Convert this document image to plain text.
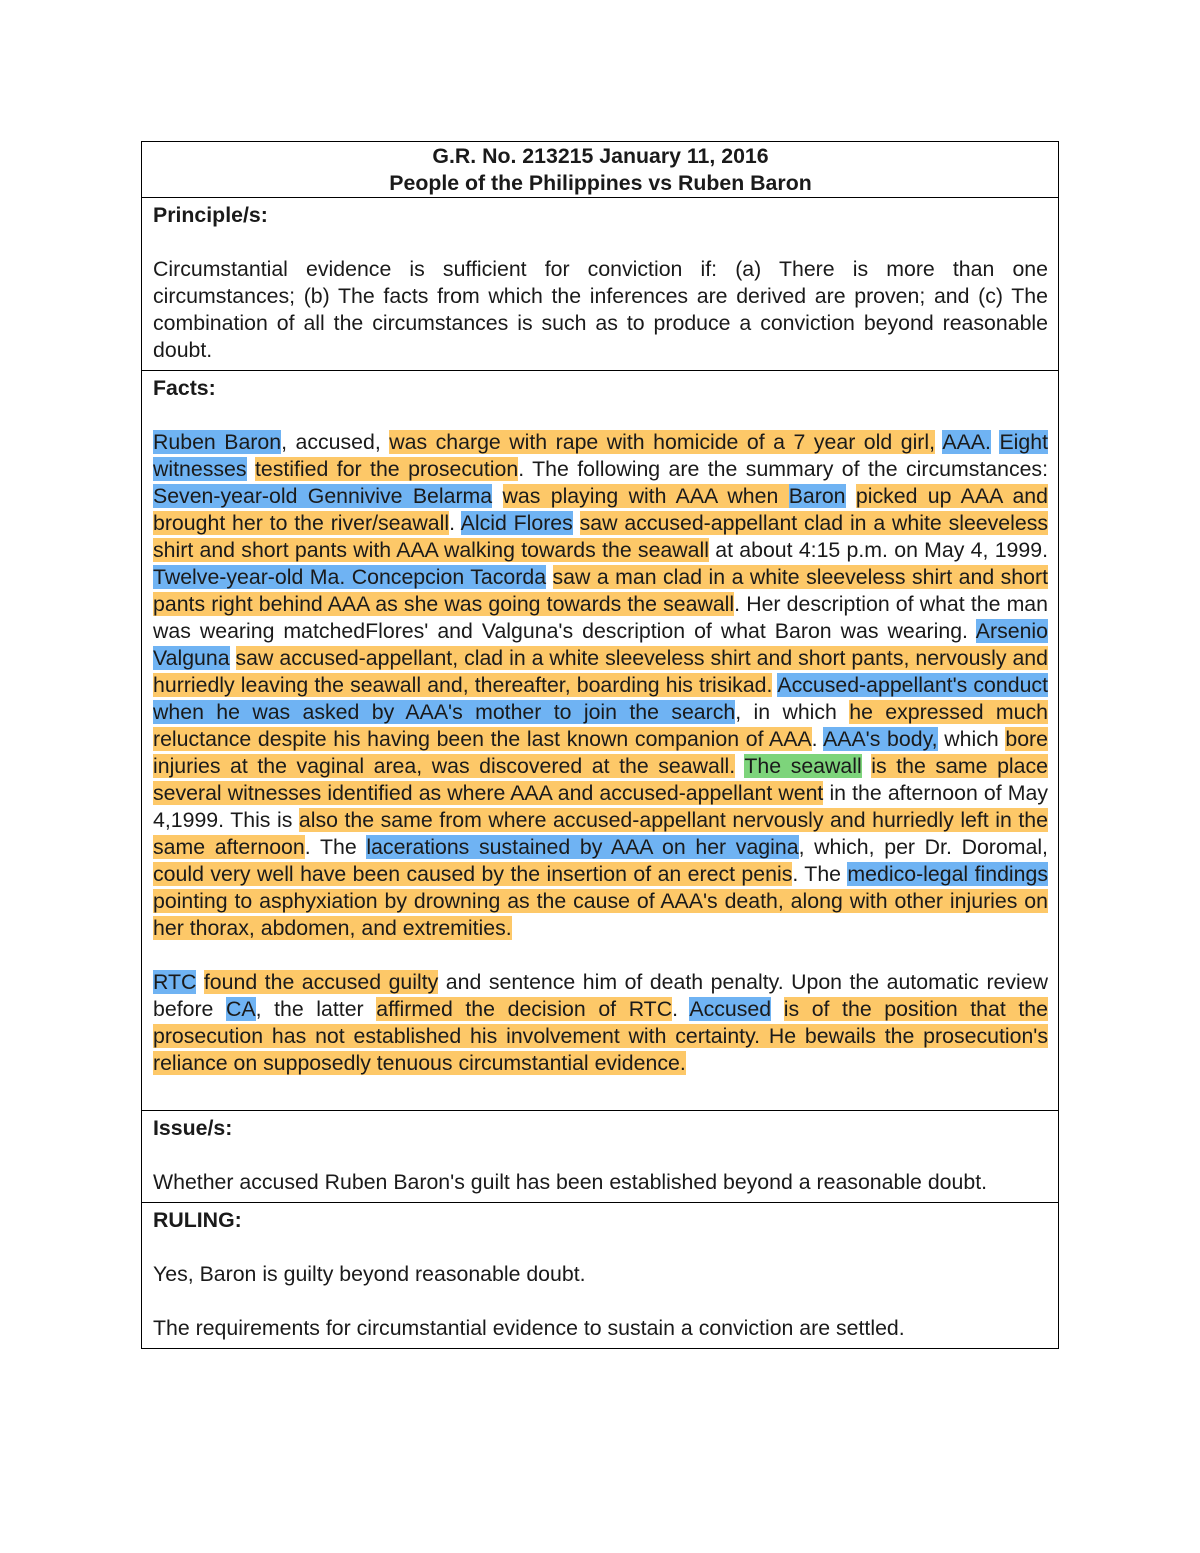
G.R. No. 213215 January 11, 2016
People of the Philippines vs Ruben Baron

Principle/s:

Circumstantial evidence is sufficient for conviction if: (a) There is more than one circumstances; (b) The facts from which the inferences are derived are proven; and (c) The combination of all the circumstances is such as to produce a conviction beyond reasonable doubt.

Facts:

Ruben Baron, accused, was charge with rape with homicide of a 7 year old girl, AAA. Eight witnesses testified for the prosecution. The following are the summary of the circumstances: Seven-year-old Gennivive Belarma was playing with AAA when Baron picked up AAA and brought her to the river/seawall. Alcid Flores saw accused-appellant clad in a white sleeveless shirt and short pants with AAA walking towards the seawall at about 4:15 p.m. on May 4, 1999. Twelve-year-old Ma. Concepcion Tacorda saw a man clad in a white sleeveless shirt and short pants right behind AAA as she was going towards the seawall. Her description of what the man was wearing matchedFlores' and Valguna's description of what Baron was wearing. Arsenio Valguna saw accused-appellant, clad in a white sleeveless shirt and short pants, nervously and hurriedly leaving the seawall and, thereafter, boarding his trisikad. Accused-appellant's conduct when he was asked by AAA's mother to join the search, in which he expressed much reluctance despite his having been the last known companion of AAA. AAA's body, which bore injuries at the vaginal area, was discovered at the seawall. The seawall is the same place several witnesses identified as where AAA and accused-appellant went in the afternoon of May 4,1999. This is also the same from where accused-appellant nervously and hurriedly left in the same afternoon. The lacerations sustained by AAA on her vagina, which, per Dr. Doromal, could very well have been caused by the insertion of an erect penis. The medico-legal findings pointing to asphyxiation by drowning as the cause of AAA's death, along with other injuries on her thorax, abdomen, and extremities.

RTC found the accused guilty and sentence him of death penalty. Upon the automatic review before CA, the latter affirmed the decision of RTC. Accused is of the position that the prosecution has not established his involvement with certainty. He bewails the prosecution's reliance on supposedly tenuous circumstantial evidence.

Issue/s:

Whether accused Ruben Baron's guilt has been established beyond a reasonable doubt.

RULING:

Yes, Baron is guilty beyond reasonable doubt.

The requirements for circumstantial evidence to sustain a conviction are settled.
